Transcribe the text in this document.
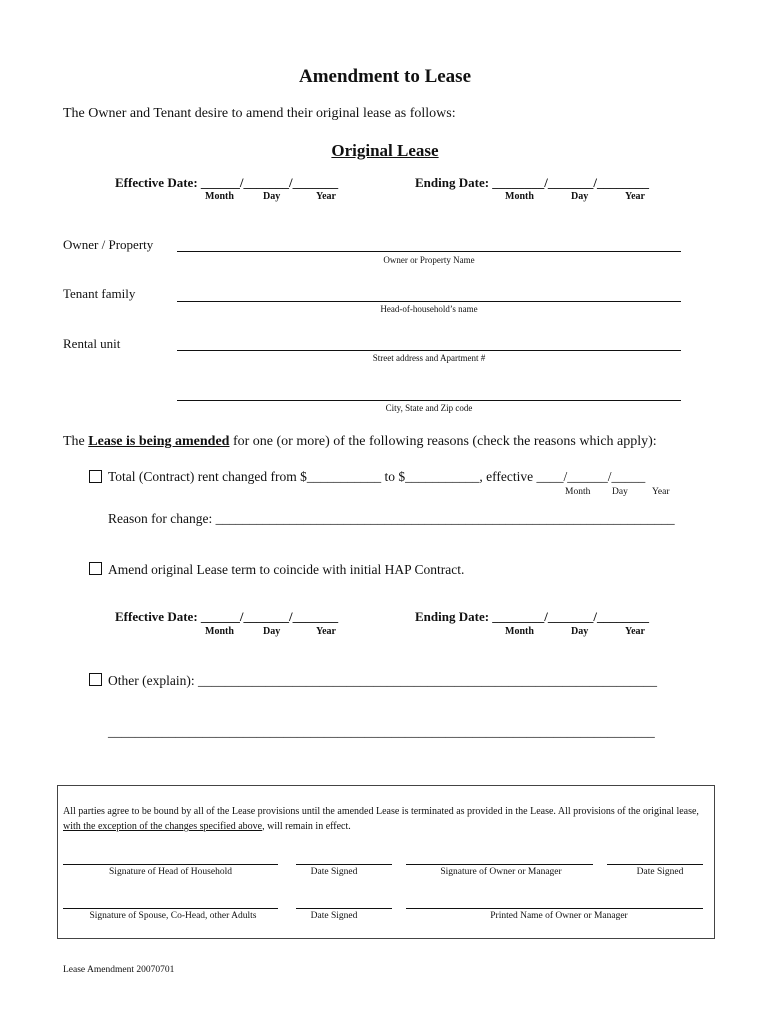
Amendment to Lease
The Owner and Tenant desire to amend their original lease as follows:
Original Lease
Effective Date: ______/_______/_______
Month	Day	Year
Ending Date: ________/_______/________
Month	Day	Year
Owner / Property
Owner or Property Name
Tenant family
Head-of-household’s name
Rental unit
Street address and Apartment #
City, State and Zip code
The Lease is being amended for one (or more) of the following reasons (check the reasons which apply):
Total (Contract) rent changed from $___________ to $___________, effective ____/______/_____
Month Day	Year
Reason for change: ____________________________________________________________________
Amend original Lease term to coincide with initial HAP Contract.
Effective Date: ______/_______/_______
Month	Day	Year
Ending Date: ________/_______/________
Month	Day	Year
Other (explain): ____________________________________________________________________
_________________________________________________________________________________
All parties agree to be bound by all of the Lease provisions until the amended Lease is terminated as provided in the Lease. All provisions of the original lease, with the exception of the changes specified above, will remain in effect.
Signature of Head of Household	Date Signed	Signature of Owner or Manager	Date Signed
Signature of Spouse, Co-Head, other Adults	Date Signed	Printed Name of Owner or Manager
Lease Amendment 20070701
